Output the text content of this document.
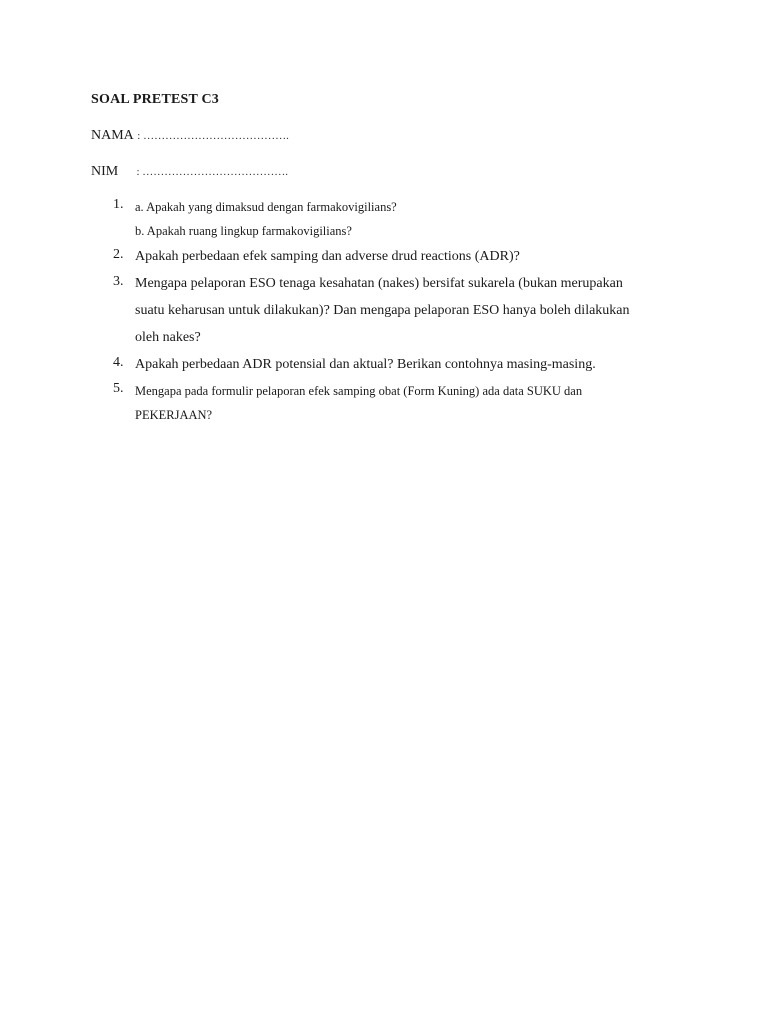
SOAL PRETEST C3
NAMA : ………………………………….
NIM : ………………………………….
1. a. Apakah yang dimaksud dengan farmakovigilians?
b. Apakah ruang lingkup farmakovigilians?
2. Apakah perbedaan efek samping dan adverse drud reactions (ADR)?
3. Mengapa pelaporan ESO tenaga kesahatan (nakes) bersifat sukarela (bukan merupakan
suatu keharusan untuk dilakukan)? Dan mengapa pelaporan ESO hanya boleh dilakukan
oleh nakes?
4. Apakah perbedaan ADR potensial dan aktual? Berikan contohnya masing-masing.
5. Mengapa pada formulir pelaporan efek samping obat (Form Kuning) ada data SUKU dan
PEKERJAAN?
